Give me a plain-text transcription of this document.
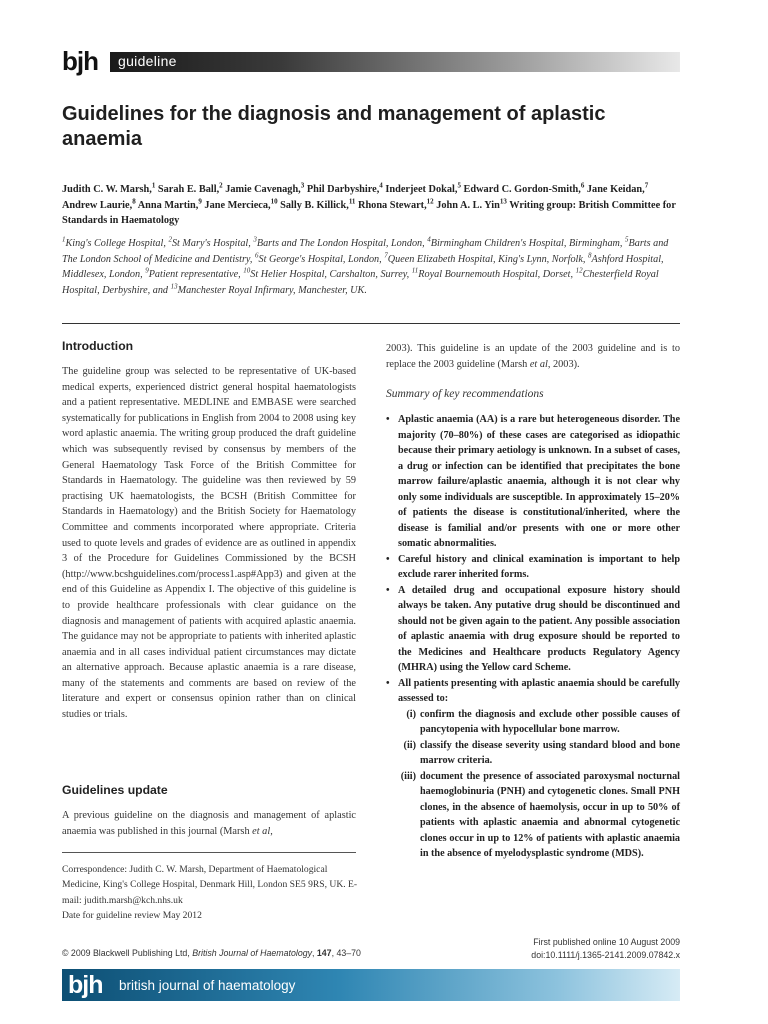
bjh guideline
Guidelines for the diagnosis and management of aplastic anaemia
Judith C. W. Marsh,$^1$ Sarah E. Ball,$^2$ Jamie Cavenagh,$^3$ Phil Darbyshire,$^4$ Inderjeet Dokal,$^5$ Edward C. Gordon-Smith,$^6$ Jane Keidan,$^7$ Andrew Laurie,$^8$ Anna Martin,$^9$ Jane Mercieca,$^{10}$ Sally B. Killick,$^{11}$ Rhona Stewart,$^{12}$ John A. L. Yin$^{13}$ Writing group: British Committee for Standards in Haematology
$^1$King's College Hospital, $^2$St Mary's Hospital, $^3$Barts and The London Hospital, London, $^4$Birmingham Children's Hospital, Birmingham, $^5$Barts and The London School of Medicine and Dentistry, $^6$St George's Hospital, London, $^7$Queen Elizabeth Hospital, King's Lynn, Norfolk, $^8$Ashford Hospital, Middlesex, London, $^9$Patient representative, $^{10}$St Helier Hospital, Carshalton, Surrey, $^{11}$Royal Bournemouth Hospital, Dorset, $^{12}$Chesterfield Royal Hospital, Derbyshire, and $^{13}$Manchester Royal Infirmary, Manchester, UK.
Introduction

The guideline group was selected to be representative of UK-based medical experts, experienced district general hospital haematologists and a patient representative. MEDLINE and EMBASE were searched systematically for publications in English from 2004 to 2008 using key word aplastic anaemia. The writing group produced the draft guideline which was subsequently revised by consensus by members of the General Haematology Task Force of the British Committee for Standards in Haematology. The guideline was then reviewed by 59 practising UK haematologists, the BCSH (British Committee for Standards in Haematology) and the British Society for Haematology Committee and comments incorporated where appropriate. Criteria used to quote levels and grades of evidence are as outlined in appendix 3 of the Procedure for Guidelines Commissioned by the BCSH (http://www.bcshguidelines.com/process1.asp#App3) and given at the end of this Guideline as Appendix I. The objective of this guideline is to provide healthcare professionals with clear guidance on the diagnosis and management of patients with acquired aplastic anaemia. The guidance may not be appropriate to patients with inherited aplastic anaemia and in all cases individual patient circumstances may dictate an alternative approach. Because aplastic anaemia is a rare disease, many of the statements and comments are based on review of the literature and expert or consensus opinion rather than on clinical studies or trials.

Guidelines update

A previous guideline on the diagnosis and management of aplastic anaemia was published in this journal (Marsh et al,

Correspondence: Judith C. W. Marsh, Department of Haematological Medicine, King's College Hospital, Denmark Hill, London SE5 9RS, UK. E-mail: judith.marsh@kch.nhs.uk
Date for guideline review May 2012

2003). This guideline is an update of the 2003 guideline and is to replace the 2003 guideline (Marsh et al, 2003).

Summary of key recommendations
• Aplastic anaemia (AA) is a rare but heterogeneous disorder. The majority (70–80%) of these cases are categorised as idiopathic because their primary aetiology is unknown. In a subset of cases, a drug or infection can be identified that precipitates the bone marrow failure/aplastic anaemia, although it is not clear why only some individuals are susceptible. In approximately 15–20% of patients the disease is constitutional/inherited, where the disease is familial and/or presents with one or more other somatic abnormalities.
• Careful history and clinical examination is important to help exclude rarer inherited forms.
• A detailed drug and occupational exposure history should always be taken. Any putative drug should be discontinued and should not be given again to the patient. Any possible association of aplastic anaemia with drug exposure should be reported to the Medicines and Healthcare products Regulatory Agency (MHRA) using the Yellow card Scheme.
• All patients presenting with aplastic anaemia should be carefully assessed to:
(i) confirm the diagnosis and exclude other possible causes of pancytopenia with hypocellular bone marrow.
(ii) classify the disease severity using standard blood and bone marrow criteria.
(iii) document the presence of associated paroxysmal nocturnal haemoglobinuria (PNH) and cytogenetic clones. Small PNH clones, in the absence of haemolysis, occur in up to 50% of patients with aplastic anaemia and abnormal cytogenetic clones occur in up to 12% of patients with aplastic anaemia in the absence of myelodysplastic syndrome (MDS).
© 2009 Blackwell Publishing Ltd, British Journal of Haematology, 147, 43–70
First published online 10 August 2009
doi:10.1111/j.1365-2141.2009.07842.x
bjh british journal of haematology
